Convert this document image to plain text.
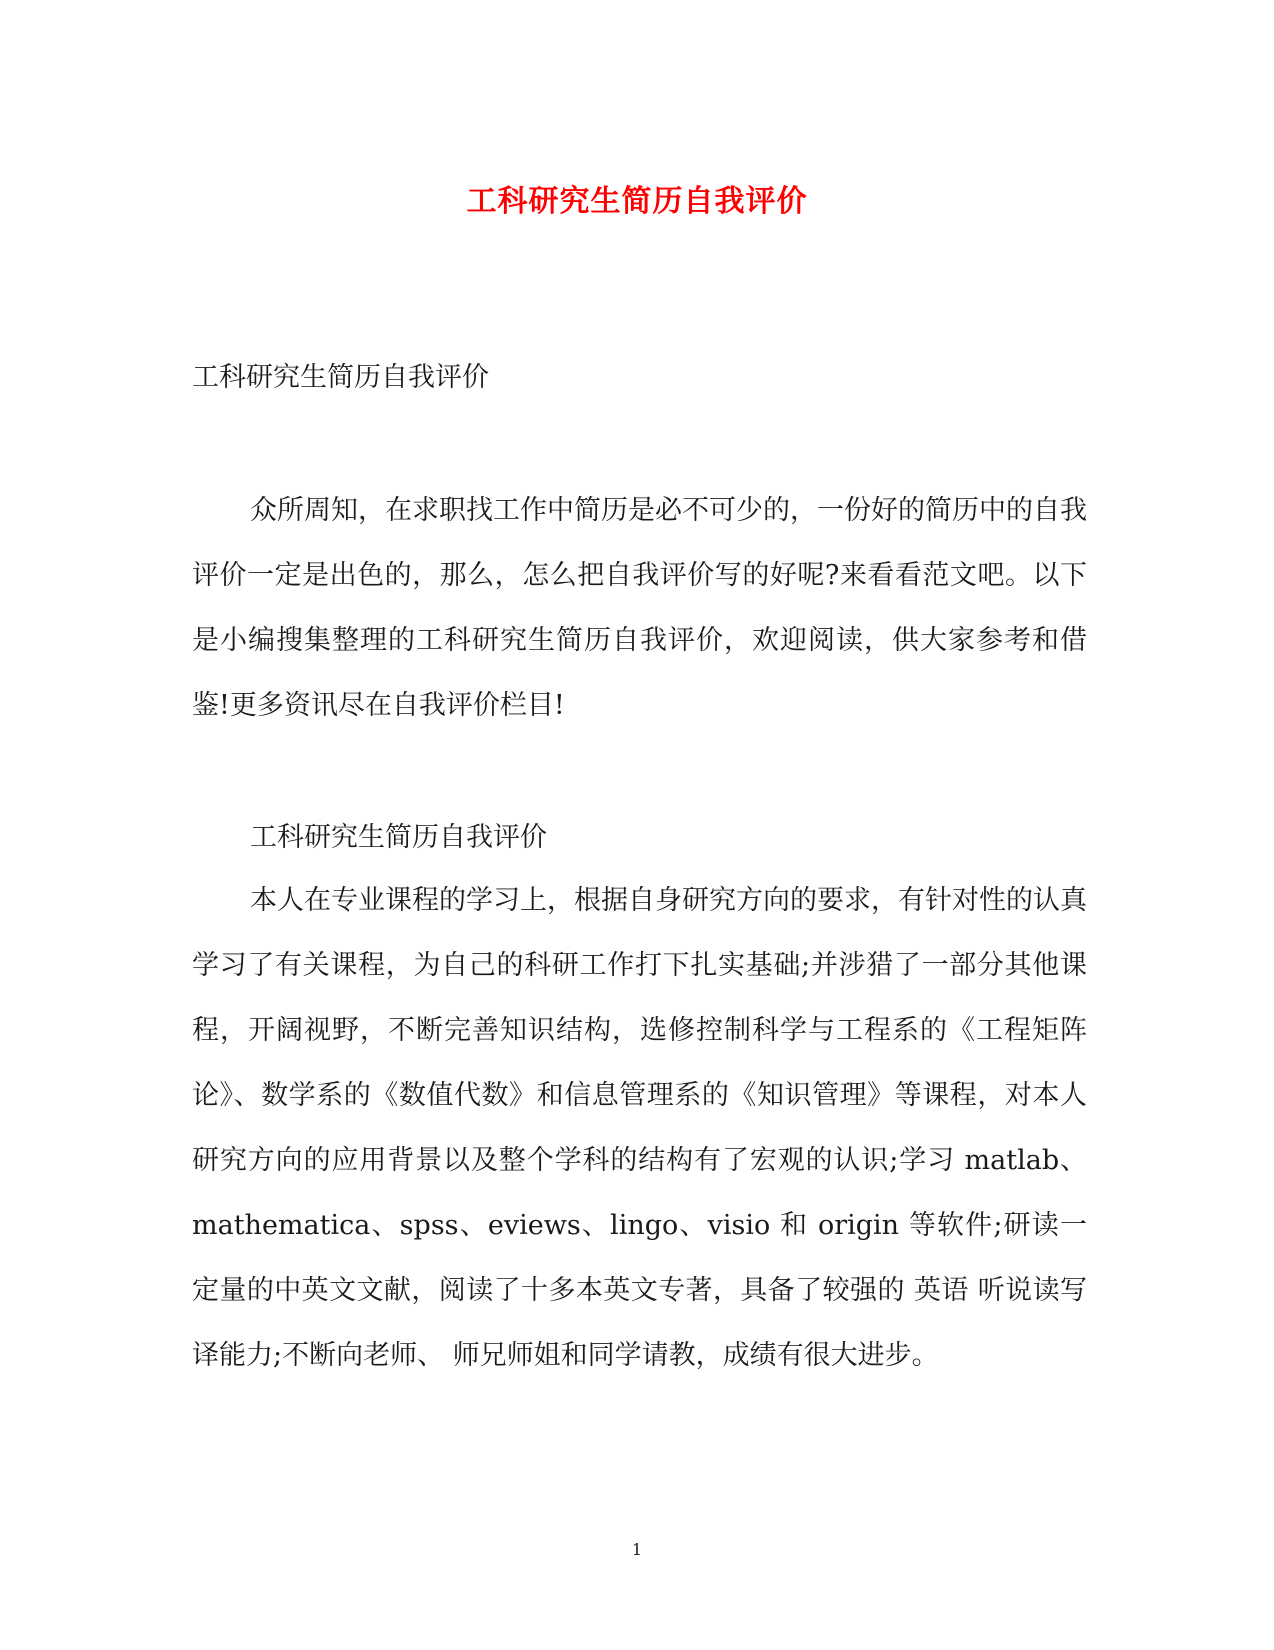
工科研究生简历自我评价
工科研究生简历自我评价

众所周知，在求职找工作中简历是必不可少的，一份好的简历中的自我评价一定是出色的，那么，怎么把自我评价写的好呢?来看看范文吧。以下是小编搜集整理的工科研究生简历自我评价，欢迎阅读，供大家参考和借鉴!更多资讯尽在自我评价栏目!

工科研究生简历自我评价

本人在专业课程的学习上，根据自身研究方向的要求，有针对性的认真学习了有关课程，为自己的科研工作打下扎实基础;并涉猎了一部分其他课程，开阔视野，不断完善知识结构，选修控制科学与工程系的《工程矩阵论》、数学系的《数值代数》和信息管理系的《知识管理》等课程，对本人研究方向的应用背景以及整个学科的结构有了宏观的认识;学习 matlab、mathematica、spss、eviews、lingo、visio 和 origin 等软件;研读一定量的中英文文献，阅读了十多本英文专著，具备了较强的 英语 听说读写译能力;不断向老师、 师兄师姐和同学请教，成绩有很大进步。

1
